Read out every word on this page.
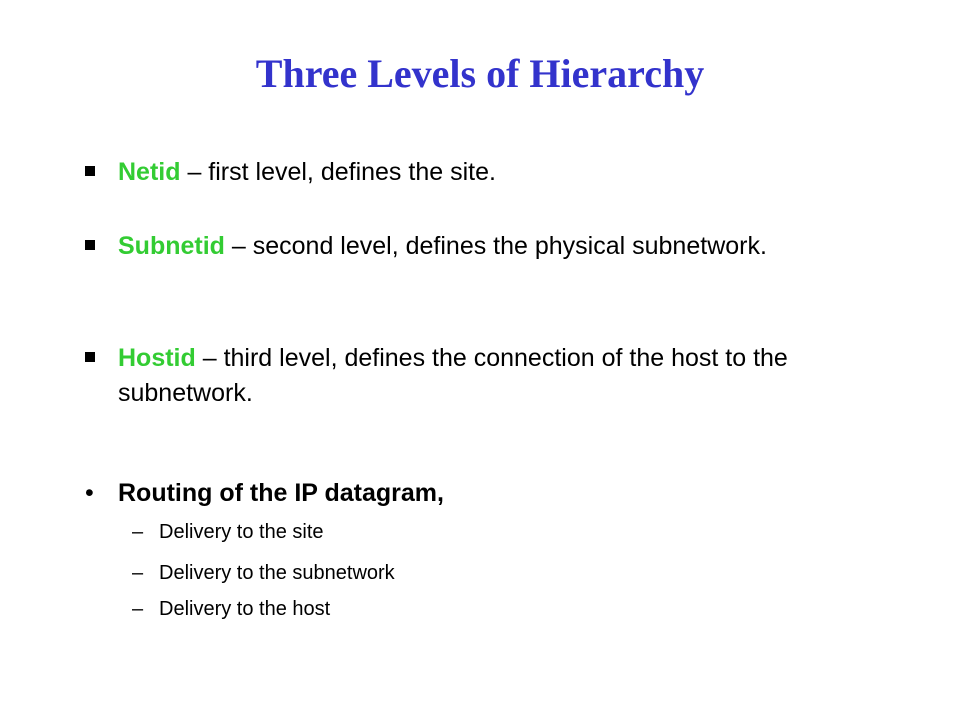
Three Levels of Hierarchy
Netid – first level, defines the site.
Subnetid – second level, defines the physical subnetwork.
Hostid – third level, defines the connection of the host to the subnetwork.
• Routing of the IP datagram,
– Delivery to the site
– Delivery to the subnetwork
– Delivery to the host
